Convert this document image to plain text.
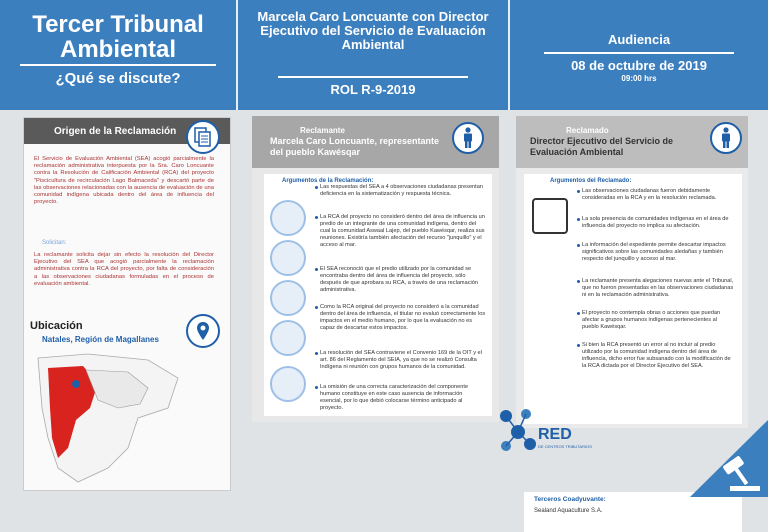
Tercer Tribunal Ambiental
¿Qué se discute?
Marcela Caro Loncuante con Director Ejecutivo del Servicio de Evaluación Ambiental
ROL R-9-2019
Audiencia
08 de octubre de 2019
09:00 hrs
Origen de la Reclamación
El Servicio de Evaluación Ambiental (SEA) acogió parcialmente la reclamación administrativa interpuesta por la Sra. Caro Loncuante contra la Resolución de Calificación Ambiental (RCA) del proyecto "Piscicultura de recirculación Lago Balmaceda" y descartó parte de las observaciones relacionadas con la ausencia de evaluación de una comunidad indígena ubicada dentro del área de influencia del proyecto.
Solicitan:
La reclamante solicita dejar sin efecto la resolución del Director Ejecutivo del SEA que acogió parcialmente la reclamación administrativa contra la RCA del proyecto, por falta de consideración a las observaciones ciudadanas formuladas en el proceso de evaluación ambiental.
Ubicación
Natales, Región de Magallanes
Reclamante
Marcela Caro Loncuante, representante del pueblo Kawésqar
Argumentos de la Reclamación:
Las respuestas del SEA a 4 observaciones ciudadanas presentan deficiencia en la sistematización y respuesta técnica.
La RCA del proyecto no consideró dentro del área de influencia un predio de un integrante de una comunidad indígena, dentro del cual la comunidad Aswaal Lajep, del pueblo Kawésqar, realiza sus reuniones. Existiría también afectación del recurso "junquillo" y el acceso al mar.
El SEA reconoció que el predio utilizado por la comunidad se encontraba dentro del área de influencia del proyecto, sólo después de que aprobara su RCA, a través de una reclamación administrativa.
Como la RCA original del proyecto no consideró a la comunidad dentro del área de influencia, el titular no evaluó correctamente los impactos en el medio humano, por lo que la evaluación no es capaz de descartar estos impactos.
La resolución del SEA contraviene el Convenio 169 de la OIT y el art. 86 del Reglamento del SEIA, ya que no se realizó Consulta Indígena ni reunión con grupos humanos de la comunidad.
La omisión de una correcta caracterización del componente humano constituye en este caso ausencia de información esencial, por lo que debió colocarse término anticipado al proyecto.
Reclamado
Director Ejecutivo del Servicio de Evaluación Ambiental
Argumentos del Reclamado:
Las observaciones ciudadanas fueron debidamente consideradas en la RCA y en la resolución reclamada.
La sola presencia de comunidades indígenas en el área de influencia del proyecto no implica su afectación.
La información del expediente permite descartar impactos significativos sobre las comunidades aledañas y también respecto del junquillo y acceso al mar.
La reclamante presenta alegaciones nuevas ante el Tribunal, que no fueron presentadas en las observaciones ciudadanas ni en la reclamación administrativa.
El proyecto no contempla obras o acciones que puedan afectar a grupos humanos indígenas pertenecientes al pueblo Kawésqar.
Si bien la RCA presentó un error al no incluir al predio utilizado por la comunidad indígena dentro del área de influencia, dicho error fue subsanado con la modificación de la RCA dictada por el Director Ejecutivo del SEA.
Terceros Coadyuvante:
Sealand Aquaculture S.A.
RED
DE CENTROS TRIBUTARIOS
